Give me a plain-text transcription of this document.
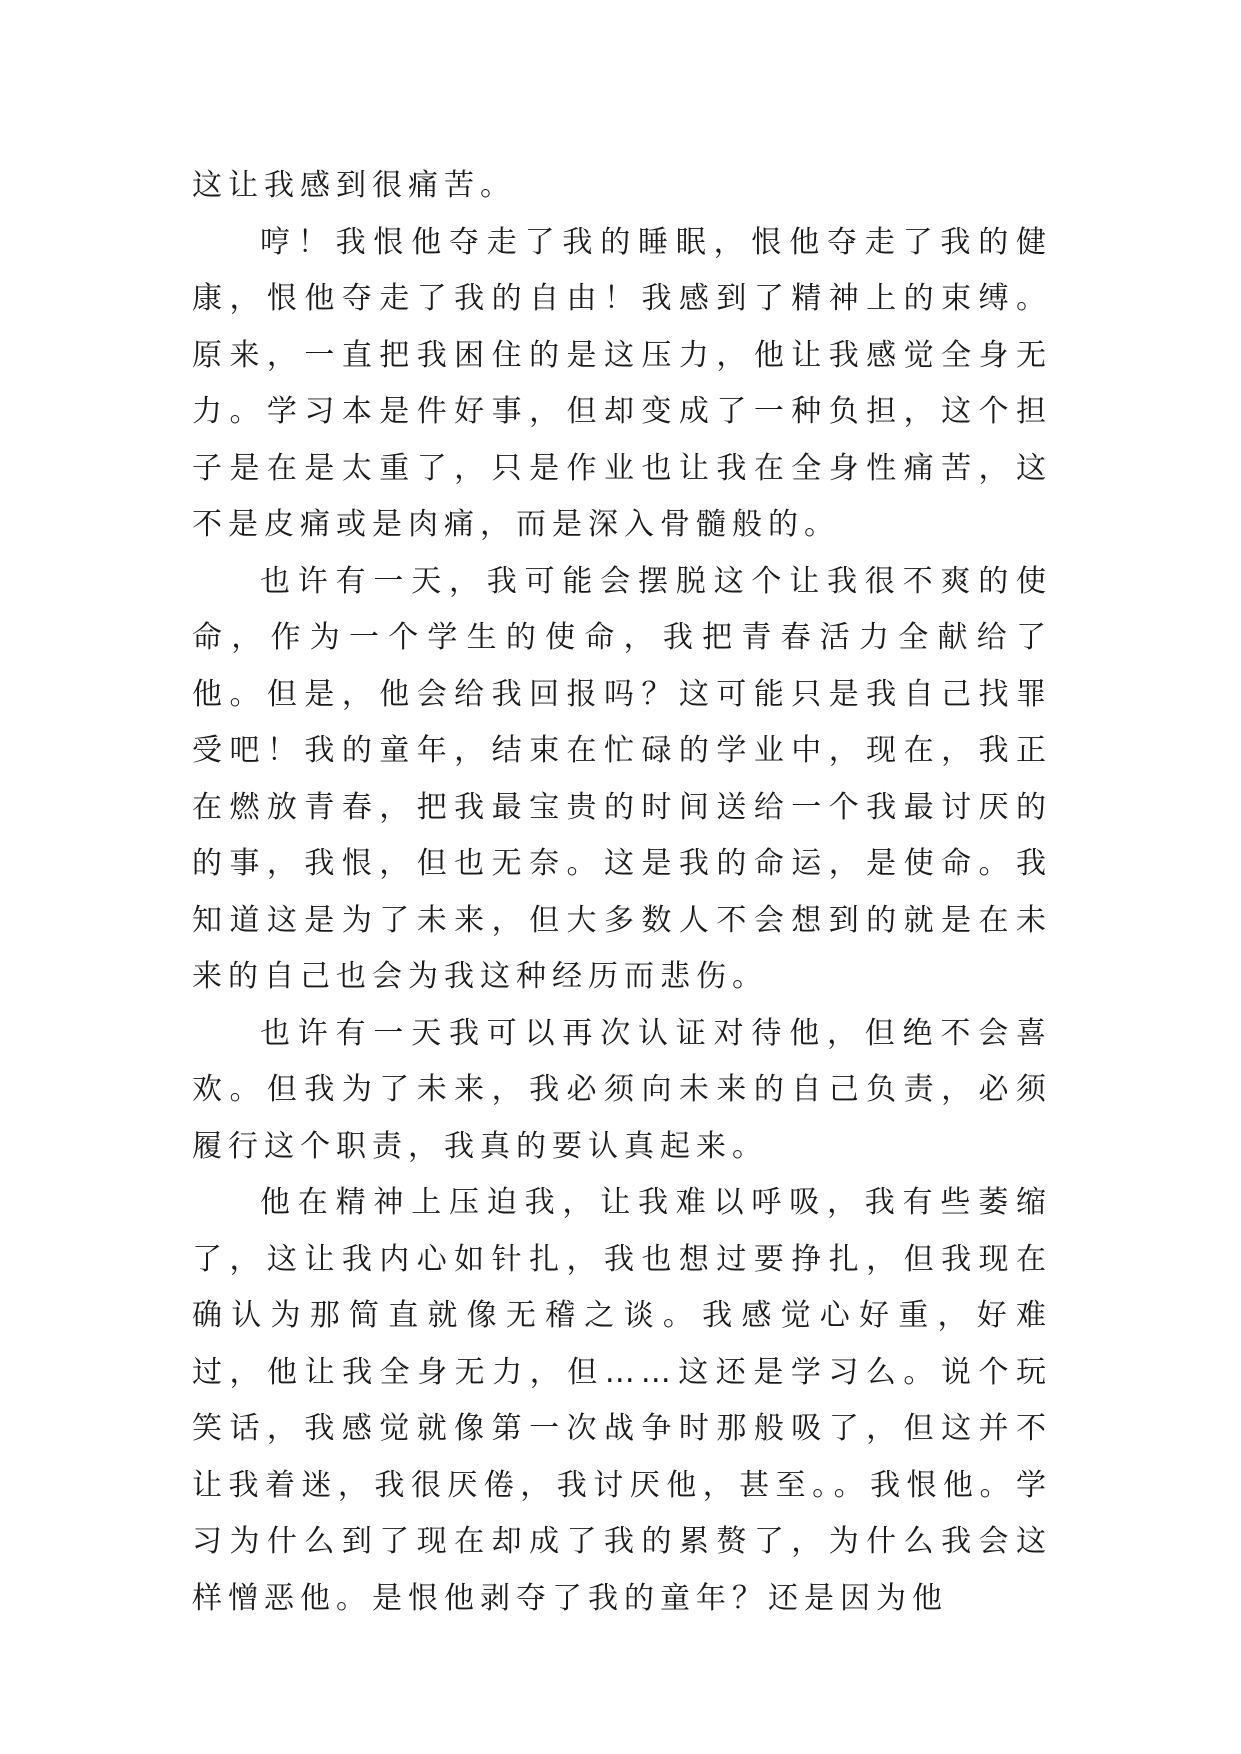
这让我感到很痛苦。

哼！我恨他夺走了我的睡眠，恨他夺走了我的健康，恨他夺走了我的自由！我感到了精神上的束缚。原来，一直把我困住的是这压力，他让我感觉全身无力。学习本是件好事，但却变成了一种负担，这个担子是在是太重了，只是作业也让我在全身性痛苦，这不是皮痛或是肉痛，而是深入骨髓般的。

也许有一天，我可能会摆脱这个让我很不爽的使命，作为一个学生的使命，我把青春活力全献给了他。但是，他会给我回报吗？这可能只是我自己找罪受吧！我的童年，结束在忙碌的学业中，现在，我正在燃放青春，把我最宝贵的时间送给一个我最讨厌的的事，我恨，但也无奈。这是我的命运，是使命。我知道这是为了未来，但大多数人不会想到的就是在未来的自己也会为我这种经历而悲伤。

也许有一天我可以再次认证对待他，但绝不会喜欢。但我为了未来，我必须向未来的自己负责，必须履行这个职责，我真的要认真起来。

他在精神上压迫我，让我难以呼吸，我有些萎缩了，这让我内心如针扎，我也想过要挣扎，但我现在确认为那简直就像无稽之谈。我感觉心好重，好难过，他让我全身无力，但……这还是学习么。说个玩笑话，我感觉就像第一次战争时那般吸了，但这并不让我着迷，我很厌倦，我讨厌他，甚至。。我恨他。学习为什么到了现在却成了我的累赘了，为什么我会这样憎恶他。是恨他剥夺了我的童年？还是因为他
